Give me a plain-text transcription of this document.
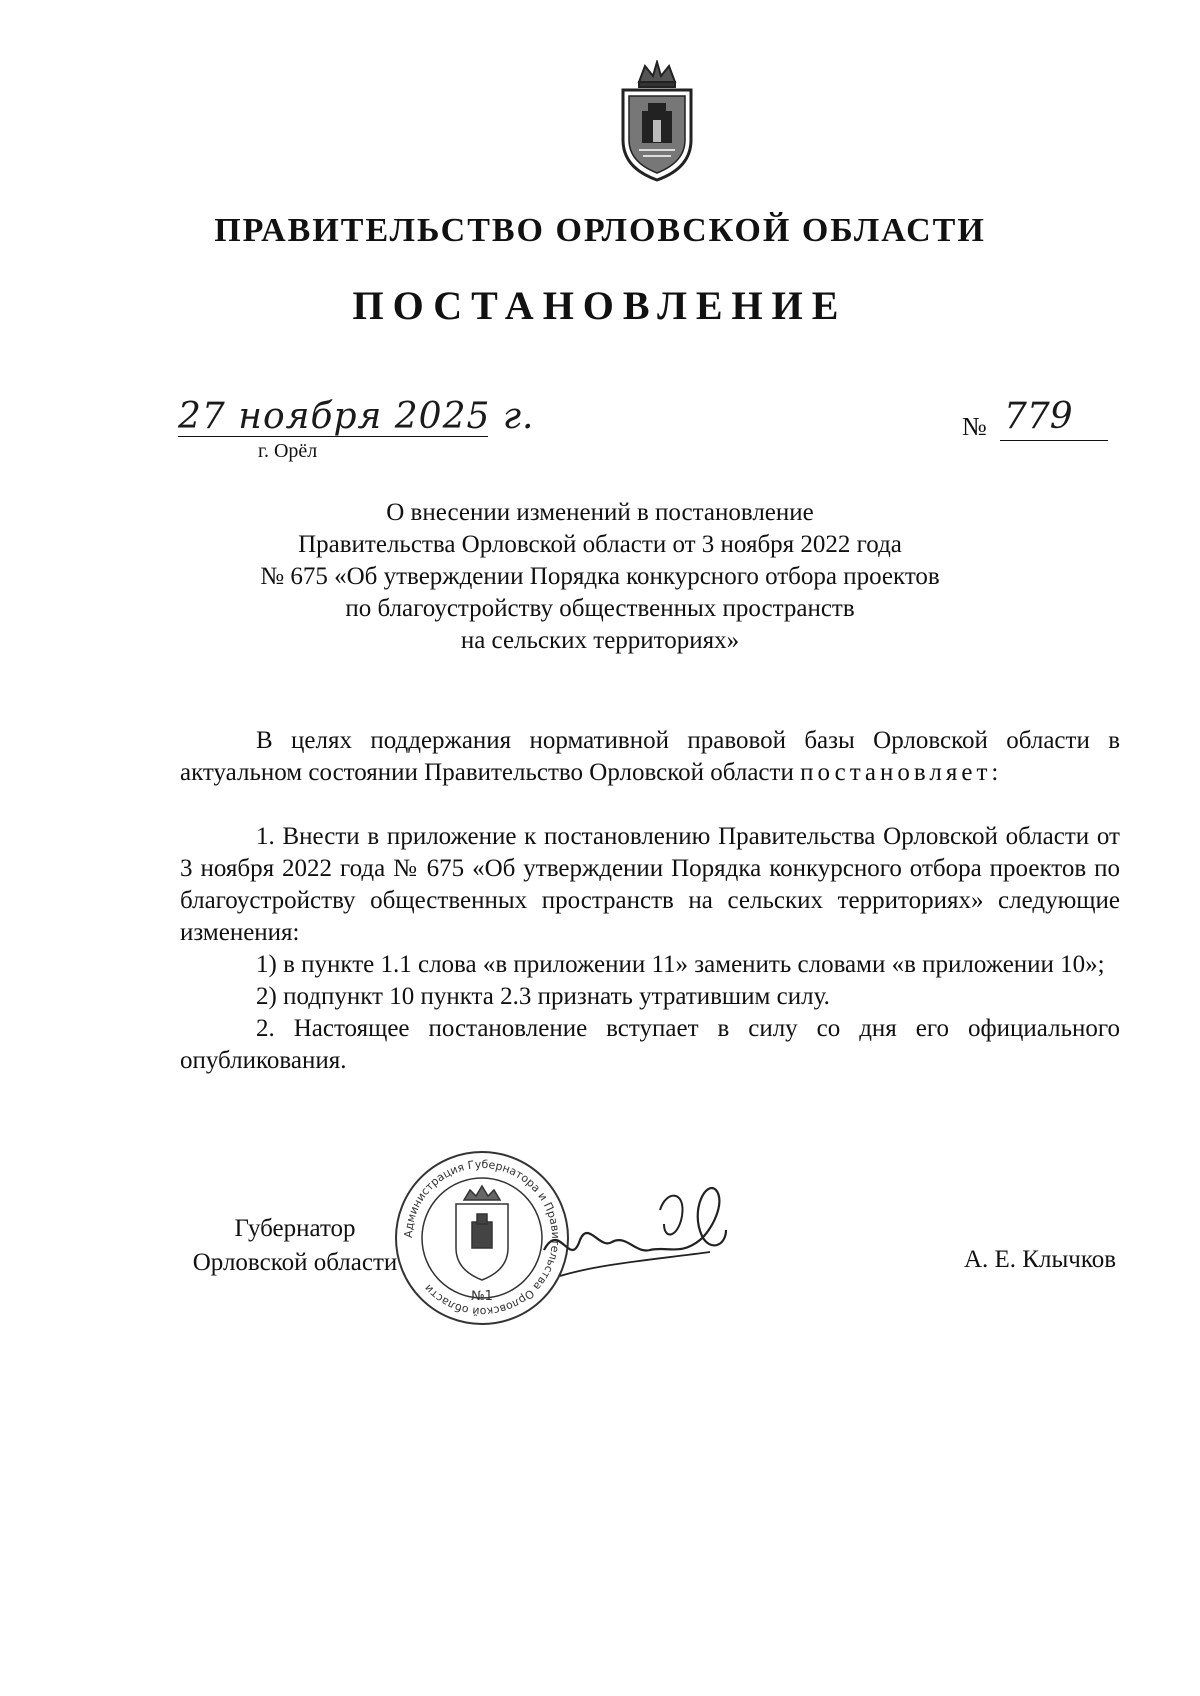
ПРАВИТЕЛЬСТВО ОРЛОВСКОЙ ОБЛАСТИ
ПОСТАНОВЛЕНИЕ
27 ноября 2025 г.
г. Орёл
№ 779
О внесении изменений в постановление
Правительства Орловской области от 3 ноября 2022 года
№ 675 «Об утверждении Порядка конкурсного отбора проектов
по благоустройству общественных пространств
на сельских территориях»

В целях поддержания нормативной правовой базы Орловской области в актуальном состоянии Правительство Орловской области постановляет:

1. Внести в приложение к постановлению Правительства Орловской области от 3 ноября 2022 года № 675 «Об утверждении Порядка конкурсного отбора проектов по благоустройству общественных пространств на сельских территориях» следующие изменения:

1) в пункте 1.1 слова «в приложении 11» заменить словами «в приложении 10»;

2) подпункт 10 пункта 2.3 признать утратившим силу.

2. Настоящее постановление вступает в силу со дня его официального опубликования.

Губернатор
Орловской области
Администрация Губернатора и Правительства Орловской области
№1
А. Е. Клычков
